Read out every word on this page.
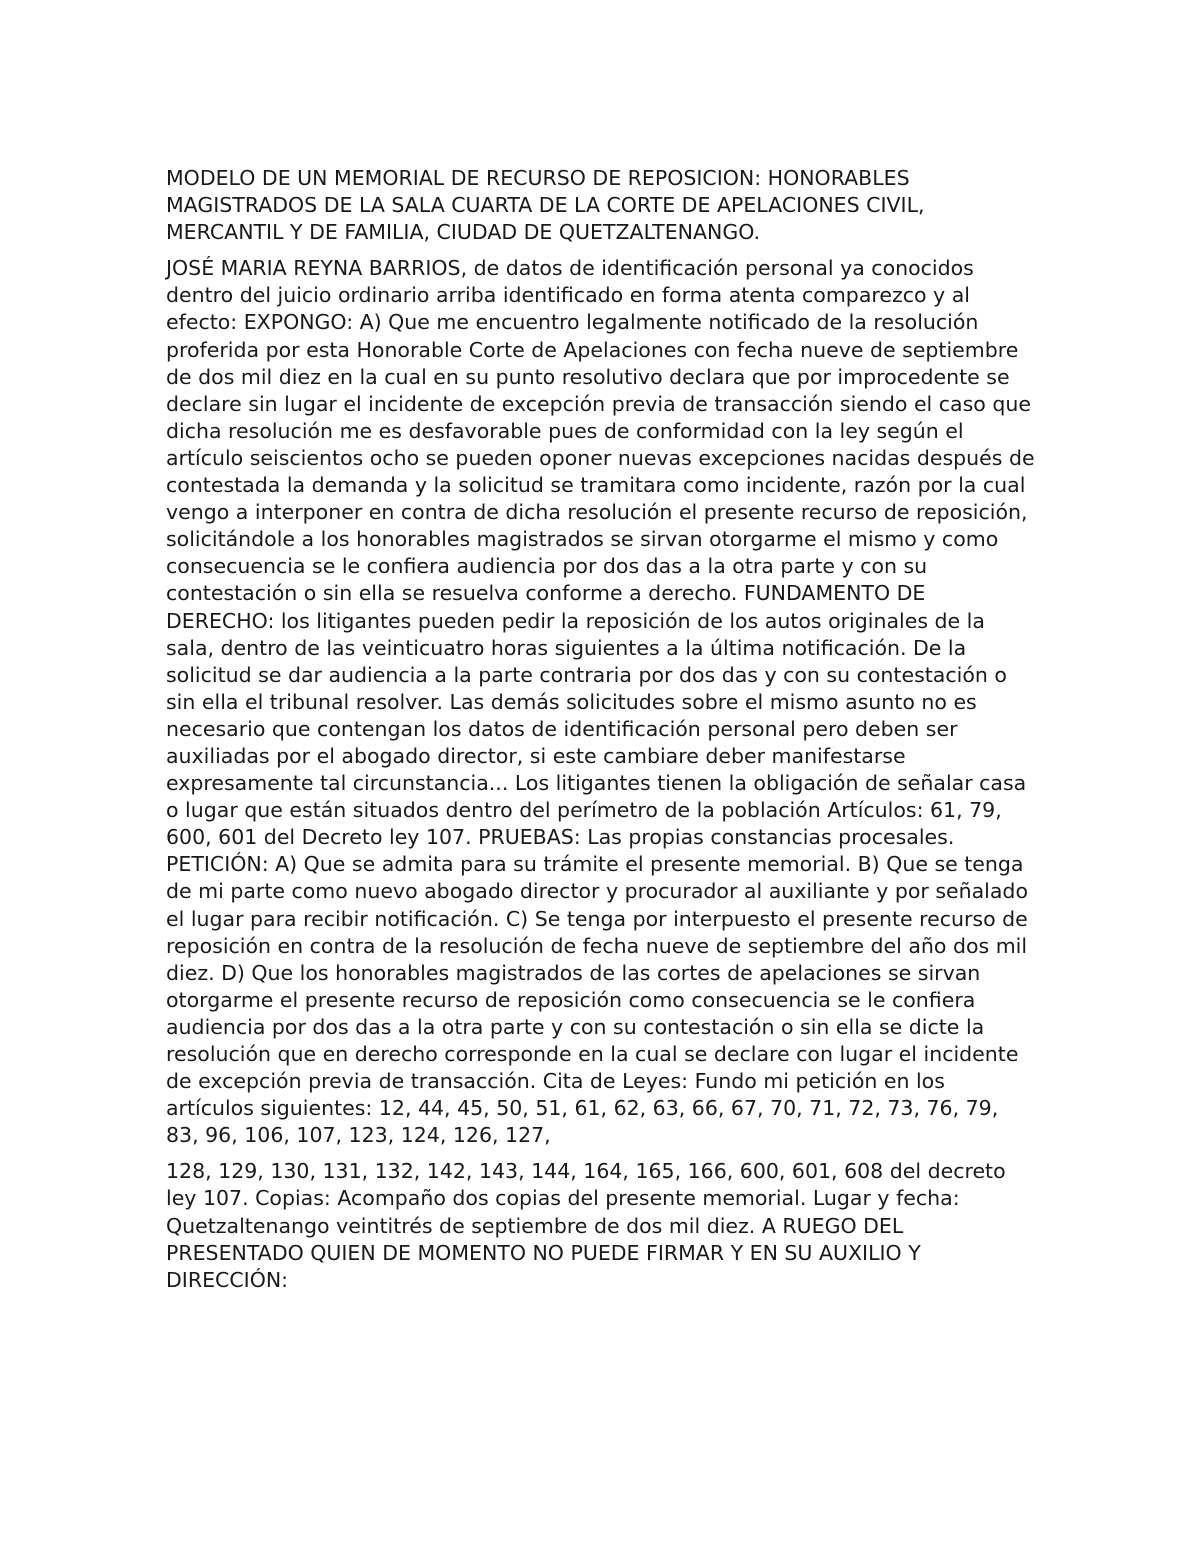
MODELO DE UN MEMORIAL DE RECURSO DE REPOSICION: HONORABLES MAGISTRADOS DE LA SALA CUARTA DE LA CORTE DE APELACIONES CIVIL, MERCANTIL Y DE FAMILIA, CIUDAD DE QUETZALTENANGO.

JOSÉ MARIA REYNA BARRIOS, de datos de identificación personal ya conocidos dentro del juicio ordinario arriba identificado en forma atenta comparezco y al efecto: EXPONGO: A) Que me encuentro legalmente notificado de la resolución proferida por esta Honorable Corte de Apelaciones con fecha nueve de septiembre de dos mil diez en la cual en su punto resolutivo declara que por improcedente se declare sin lugar el incidente de excepción previa de transacción siendo el caso que dicha resolución me es desfavorable pues de conformidad con la ley según el artículo seiscientos ocho se pueden oponer nuevas excepciones nacidas después de contestada la demanda y la solicitud se tramitara como incidente, razón por la cual vengo a interponer en contra de dicha resolución el presente recurso de reposición, solicitándole a los honorables magistrados se sirvan otorgarme el mismo y como consecuencia se le confiera audiencia por dos das a la otra parte y con su contestación o sin ella se resuelva conforme a derecho. FUNDAMENTO DE DERECHO: los litigantes pueden pedir la reposición de los autos originales de la sala, dentro de las veinticuatro horas siguientes a la última notificación. De la solicitud se dar audiencia a la parte contraria por dos das y con su contestación o sin ella el tribunal resolver. Las demás solicitudes sobre el mismo asunto no es necesario que contengan los datos de identificación personal pero deben ser auxiliadas por el abogado director, si este cambiare deber manifestarse expresamente tal circunstancia... Los litigantes tienen la obligación de señalar casa o lugar que están situados dentro del perímetro de la población Artículos: 61, 79, 600, 601 del Decreto ley 107. PRUEBAS: Las propias constancias procesales. PETICIÓN: A) Que se admita para su trámite el presente memorial. B) Que se tenga de mi parte como nuevo abogado director y procurador al auxiliante y por señalado el lugar para recibir notificación. C) Se tenga por interpuesto el presente recurso de reposición en contra de la resolución de fecha nueve de septiembre del año dos mil diez. D) Que los honorables magistrados de las cortes de apelaciones se sirvan otorgarme el presente recurso de reposición como consecuencia se le confiera audiencia por dos das a la otra parte y con su contestación o sin ella se dicte la resolución que en derecho corresponde en la cual se declare con lugar el incidente de excepción previa de transacción. Cita de Leyes: Fundo mi petición en los artículos siguientes: 12, 44, 45, 50, 51, 61, 62, 63, 66, 67, 70, 71, 72, 73, 76, 79, 83, 96, 106, 107, 123, 124, 126, 127,

128, 129, 130, 131, 132, 142, 143, 144, 164, 165, 166, 600, 601, 608 del decreto ley 107. Copias: Acompaño dos copias del presente memorial. Lugar y fecha: Quetzaltenango veintitrés de septiembre de dos mil diez. A RUEGO DEL PRESENTADO QUIEN DE MOMENTO NO PUEDE FIRMAR Y EN SU AUXILIO Y DIRECCIÓN:
